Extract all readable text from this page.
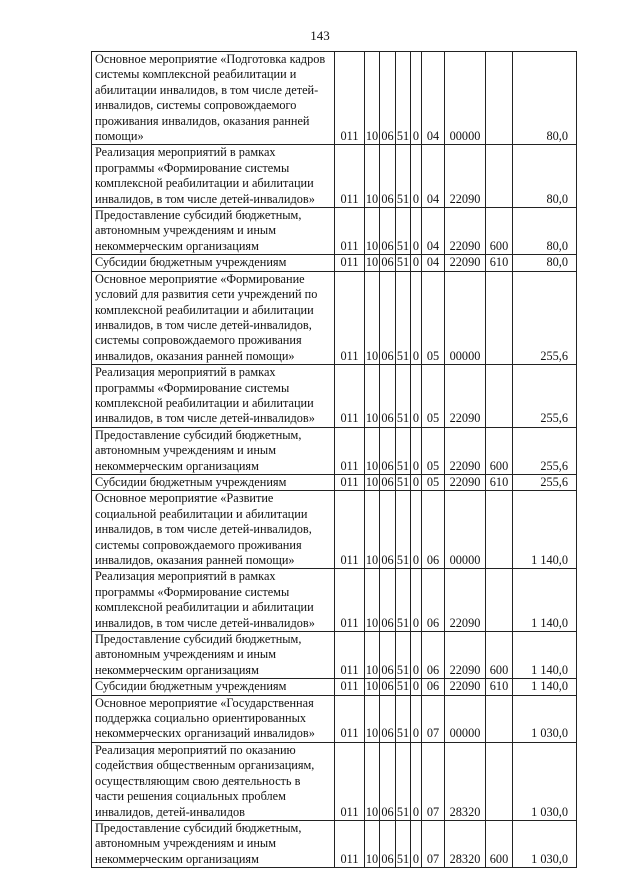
143
Основное мероприятие «Подготовка кадров системы комплексной реабилитации и абилитации инвалидов, в том числе детей-инвалидов, системы сопровождаемого проживания инвалидов, оказания ранней помощи»	011	10	06	51	0	04	00000		80,0
Реализация мероприятий в рамках программы «Формирование системы комплексной реабилитации и абилитации инвалидов, в том числе детей-инвалидов»	011	10	06	51	0	04	22090		80,0
Предоставление субсидий бюджетным, автономным учреждениям и иным некоммерческим организациям	011	10	06	51	0	04	22090	600	80,0
Субсидии бюджетным учреждениям	011	10	06	51	0	04	22090	610	80,0
Основное мероприятие «Формирование условий для развития сети учреждений по комплексной реабилитации и абилитации инвалидов, в том числе детей-инвалидов, системы сопровождаемого проживания инвалидов, оказания ранней помощи»	011	10	06	51	0	05	00000		255,6
Реализация мероприятий в рамках программы «Формирование системы комплексной реабилитации и абилитации инвалидов, в том числе детей-инвалидов»	011	10	06	51	0	05	22090		255,6
Предоставление субсидий бюджетным, автономным учреждениям и иным некоммерческим организациям	011	10	06	51	0	05	22090	600	255,6
Субсидии бюджетным учреждениям	011	10	06	51	0	05	22090	610	255,6
Основное мероприятие «Развитие социальной реабилитации и абилитации инвалидов, в том числе детей-инвалидов, системы сопровождаемого проживания инвалидов, оказания ранней помощи»	011	10	06	51	0	06	00000		1 140,0
Реализация мероприятий в рамках программы «Формирование системы комплексной реабилитации и абилитации инвалидов, в том числе детей-инвалидов»	011	10	06	51	0	06	22090		1 140,0
Предоставление субсидий бюджетным, автономным учреждениям и иным некоммерческим организациям	011	10	06	51	0	06	22090	600	1 140,0
Субсидии бюджетным учреждениям	011	10	06	51	0	06	22090	610	1 140,0
Основное мероприятие «Государственная поддержка социально ориентированных некоммерческих организаций инвалидов»	011	10	06	51	0	07	00000		1 030,0
Реализация мероприятий по оказанию содействия общественным организациям, осуществляющим свою деятельность в части решения социальных проблем инвалидов, детей-инвалидов	011	10	06	51	0	07	28320		1 030,0
Предоставление субсидий бюджетным, автономным учреждениям и иным некоммерческим организациям	011	10	06	51	0	07	28320	600	1 030,0
